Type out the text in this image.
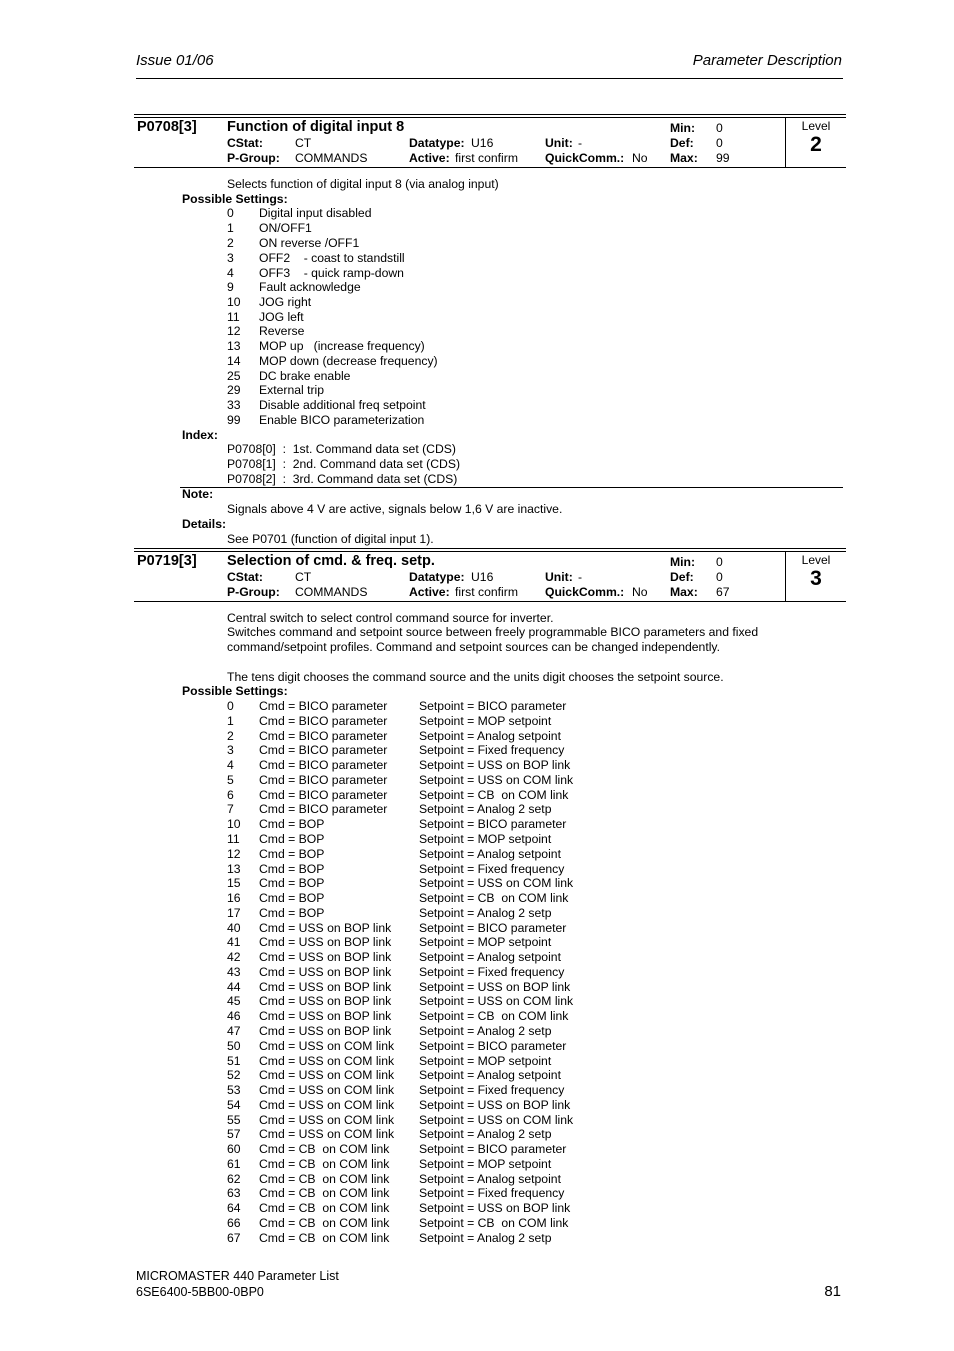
Issue 01/06	Parameter Description
P0708[3] Function of digital input 8
CStat:	CT	Datatype: U16	Unit: -
P-Group: COMMANDS	Active: first confirm QuickComm.: No
Min: 0
Def: 0
Max: 99
Level
2
Selects function of digital input 8 (via analog input)
Possible Settings:
0 Digital input disabled
1 ON/OFF1
2 ON reverse /OFF1
3 OFF2    - coast to standstill
4 OFF3    - quick ramp-down
9 Fault acknowledge
10 JOG right
11 JOG left
12 Reverse
13 MOP up   (increase frequency)
14 MOP down (decrease frequency)
25 DC brake enable
29 External trip
33 Disable additional freq setpoint
99 Enable BICO parameterization
Index:
P0708[0]  :  1st. Command data set (CDS)
P0708[1]  :  2nd. Command data set (CDS)
P0708[2]  :  3rd. Command data set (CDS)
Note:
Signals above 4 V are active, signals below 1,6 V are inactive.
Details:
See P0701 (function of digital input 1).
P0719[3] Selection of cmd. & freq. setp.
CStat:	CT	Datatype: U16	Unit: -
P-Group: COMMANDS	Active: first confirm QuickComm.: No
Min: 0
Def: 0
Max: 67
Level
3
Central switch to select control command source for inverter.
Switches command and setpoint source between freely programmable BICO parameters and fixed
command/setpoint profiles. Command and setpoint sources can be changed independently.
The tens digit chooses the command source and the units digit chooses the setpoint source.
Possible Settings:
0 Cmd = BICO parameter	Setpoint = BICO parameter
1 Cmd = BICO parameter	Setpoint = MOP setpoint
2 Cmd = BICO parameter	Setpoint = Analog setpoint
3 Cmd = BICO parameter	Setpoint = Fixed frequency
4 Cmd = BICO parameter	Setpoint = USS on BOP link
5 Cmd = BICO parameter	Setpoint = USS on COM link
6 Cmd = BICO parameter	Setpoint = CB  on COM link
7 Cmd = BICO parameter	Setpoint = Analog 2 setp
10 Cmd = BOP	Setpoint = BICO parameter
11 Cmd = BOP	Setpoint = MOP setpoint
12 Cmd = BOP	Setpoint = Analog setpoint
13 Cmd = BOP	Setpoint = Fixed frequency
15 Cmd = BOP	Setpoint = USS on COM link
16 Cmd = BOP	Setpoint = CB  on COM link
17 Cmd = BOP	Setpoint = Analog 2 setp
40 Cmd = USS on BOP link Setpoint = BICO parameter
41 Cmd = USS on BOP link Setpoint = MOP setpoint
42 Cmd = USS on BOP link Setpoint = Analog setpoint
43 Cmd = USS on BOP link Setpoint = Fixed frequency
44 Cmd = USS on BOP link Setpoint = USS on BOP link
45 Cmd = USS on BOP link Setpoint = USS on COM link
46 Cmd = USS on BOP link Setpoint = CB  on COM link
47 Cmd = USS on BOP link Setpoint = Analog 2 setp
50 Cmd = USS on COM link Setpoint = BICO parameter
51 Cmd = USS on COM link Setpoint = MOP setpoint
52 Cmd = USS on COM link Setpoint = Analog setpoint
53 Cmd = USS on COM link Setpoint = Fixed frequency
54 Cmd = USS on COM link Setpoint = USS on BOP link
55 Cmd = USS on COM link Setpoint = USS on COM link
57 Cmd = USS on COM link Setpoint = Analog 2 setp
60 Cmd = CB  on COM link Setpoint = BICO parameter
61 Cmd = CB  on COM link Setpoint = MOP setpoint
62 Cmd = CB  on COM link Setpoint = Analog setpoint
63 Cmd = CB  on COM link Setpoint = Fixed frequency
64 Cmd = CB  on COM link Setpoint = USS on BOP link
66 Cmd = CB  on COM link Setpoint = CB  on COM link
67 Cmd = CB  on COM link Setpoint = Analog 2 setp
MICROMASTER 440 Parameter List
6SE6400-5BB00-0BP0	81
